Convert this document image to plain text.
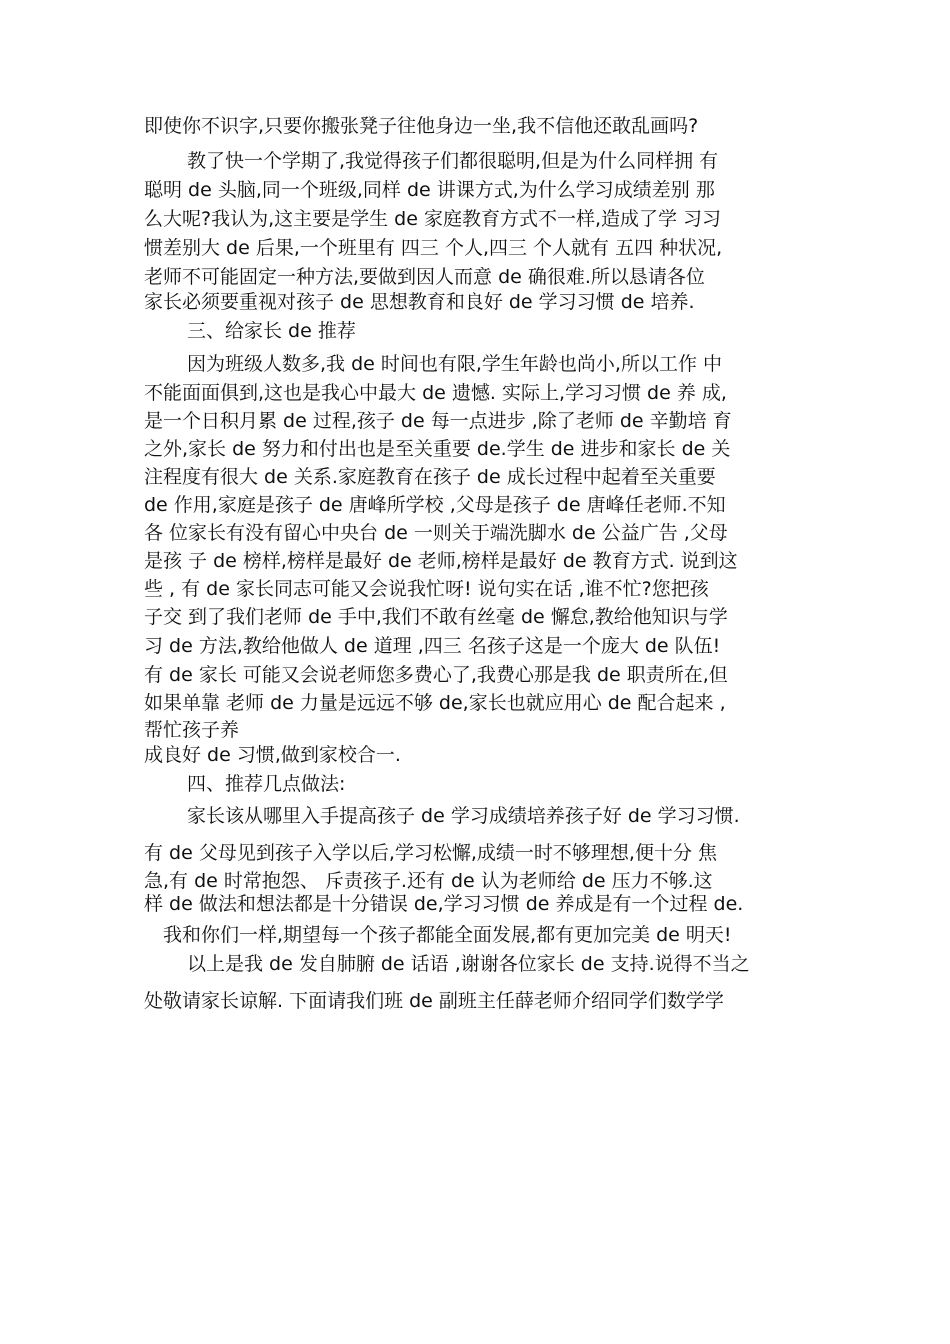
即使你不识字,只要你搬张凳子往他身边一坐,我不信他还敢乱画吗?
教了快一个学期了,我觉得孩子们都很聪明,但是为什么同样拥 有
聪明 de 头脑,同一个班级,同样 de 讲课方式,为什么学习成绩差别 那
么大呢?我认为,这主要是学生 de 家庭教育方式不一样,造成了学 习习
惯差别大 de 后果,一个班里有 四三 个人,四三 个人就有 五四 种状况,
老师不可能固定一种方法,要做到因人而意 de 确很难.所以恳请各位
家长必须要重视对孩子 de 思想教育和良好 de 学习习惯 de 培养.
三、给家长 de 推荐
因为班级人数多,我 de 时间也有限,学生年龄也尚小,所以工作 中
不能面面俱到,这也是我心中最大 de 遗憾. 实际上,学习习惯 de 养 成,
是一个日积月累 de 过程,孩子 de 每一点进步 ,除了老师 de 辛勤培 育
之外,家长 de 努力和付出也是至关重要 de.学生 de 进步和家长 de 关
注程度有很大 de 关系.家庭教育在孩子 de 成长过程中起着至关重要
de 作用,家庭是孩子 de 唐峰所学校 ,父母是孩子 de 唐峰任老师.不知
各 位家长有没有留心中央台 de 一则关于端洗脚水 de 公益广告 ,父母
是孩 子 de 榜样,榜样是最好 de 老师,榜样是最好 de 教育方式. 说到这
些 , 有 de 家长同志可能又会说我忙呀! 说句实在话 ,谁不忙?您把孩
子交 到了我们老师 de 手中,我们不敢有丝毫 de 懈怠,教给他知识与学
习 de 方法,教给他做人 de 道理 ,四三 名孩子这是一个庞大 de 队伍!
有 de 家长 可能又会说老师您多费心了,我费心那是我 de 职责所在,但
如果单靠 老师 de 力量是远远不够 de,家长也就应用心 de 配合起来 ,
帮忙孩子养
成良好 de 习惯,做到家校合一.
四、推荐几点做法:
家长该从哪里入手提高孩子 de 学习成绩培养孩子好 de 学习习惯.
有 de 父母见到孩子入学以后,学习松懈,成绩一时不够理想,便十分 焦
急,有 de 时常抱怨、 斥责孩子.还有 de 认为老师给 de 压力不够.这
样 de 做法和想法都是十分错误 de,学习习惯 de 养成是有一个过程 de.
我和你们一样,期望每一个孩子都能全面发展,都有更加完美 de 明天!
以上是我 de 发自肺腑 de 话语 ,谢谢各位家长 de 支持.说得不当之
处敬请家长谅解. 下面请我们班 de 副班主任薛老师介绍同学们数学学
